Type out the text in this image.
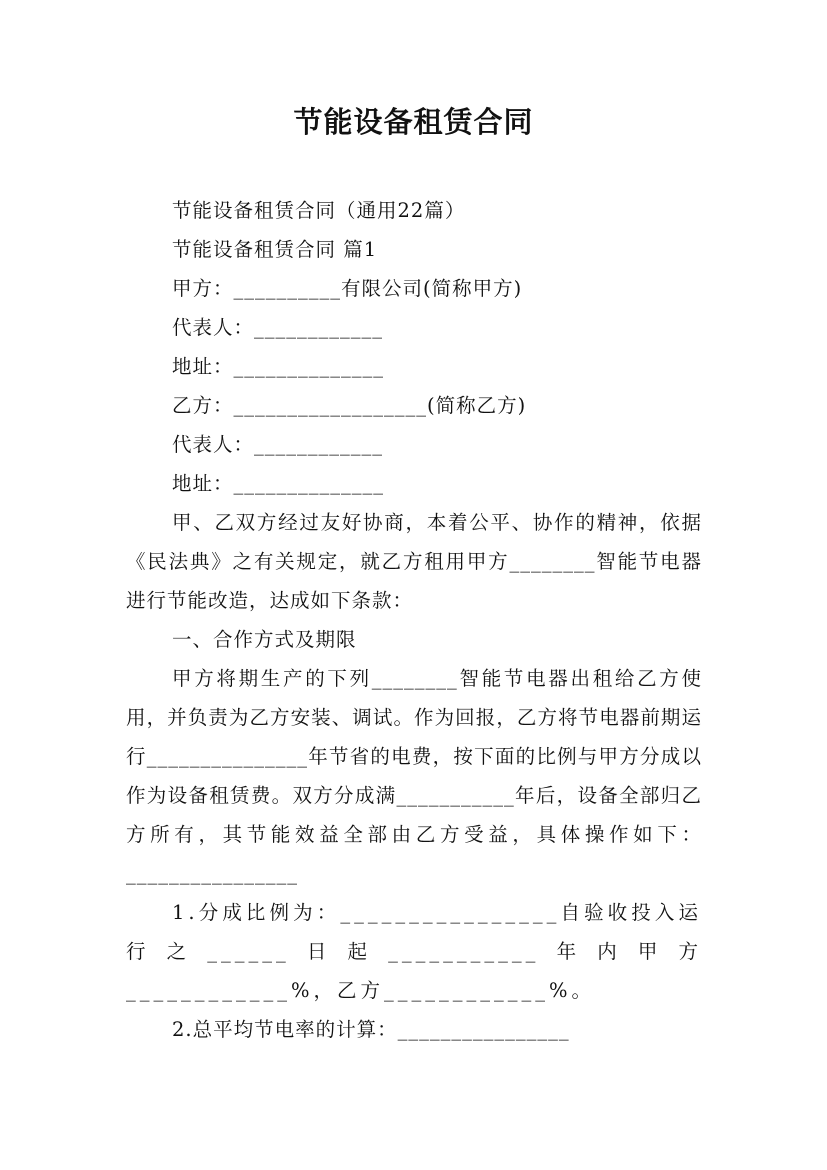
节能设备租赁合同
节能设备租赁合同（通用22篇）
节能设备租赁合同 篇1
甲方：__________有限公司(简称甲方)
代表人：____________
地址：______________
乙方：__________________(简称乙方)
代表人：____________
地址：______________
甲、乙双方经过友好协商，本着公平、协作的精神，依据《民法典》之有关规定，就乙方租用甲方________智能节电器进行节能改造，达成如下条款：
一、合作方式及期限
甲方将期生产的下列________智能节电器出租给乙方使用，并负责为乙方安装、调试。作为回报，乙方将节电器前期运行_______________年节省的电费，按下面的比例与甲方分成以作为设备租赁费。双方分成满___________年后，设备全部归乙方所有，其节能效益全部由乙方受益，具体操作如下：________________
1.分成比例为：________________自验收投入运行之______日起___________年内甲方____________%，乙方____________%。
2.总平均节电率的计算：________________
